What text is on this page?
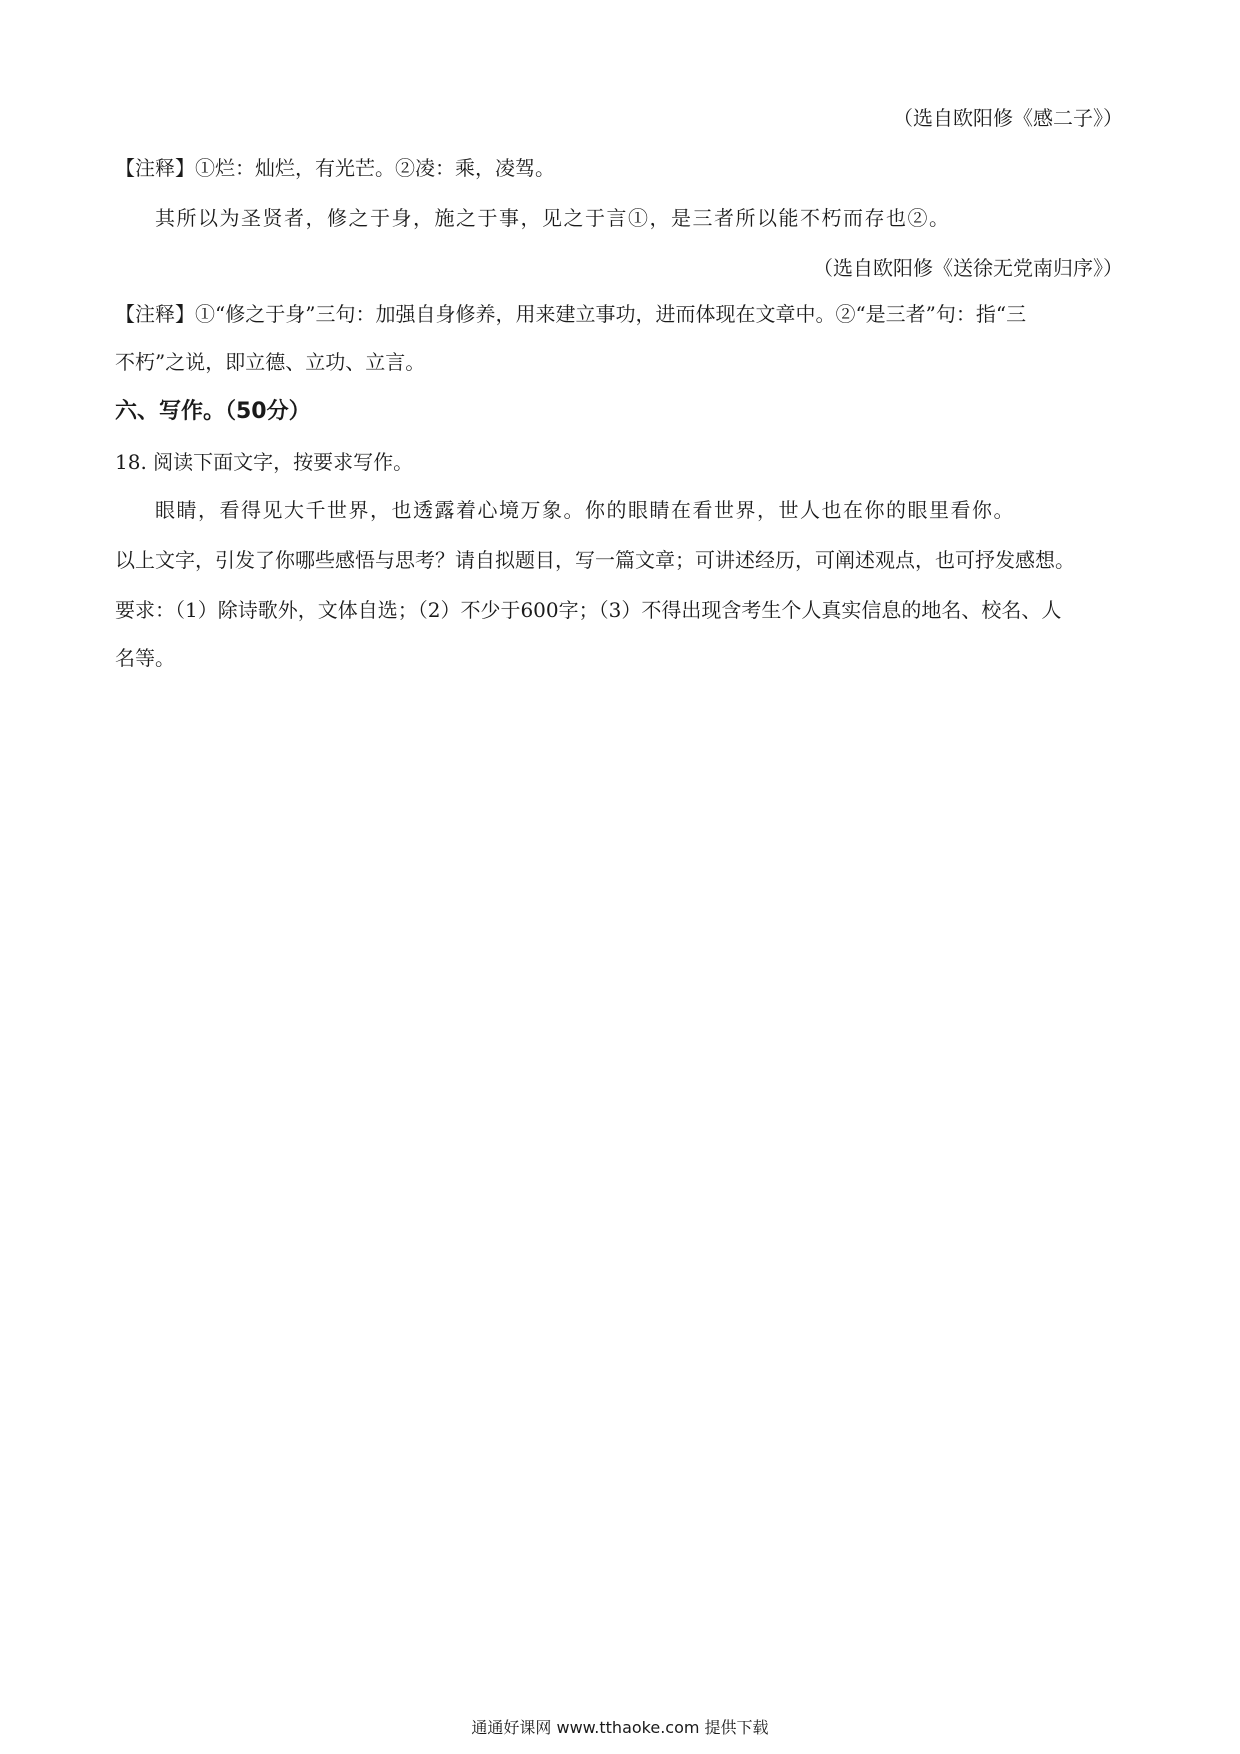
（选自欧阳修《感二子》）
【注释】①烂：灿烂，有光芒。②凌：乘，凌驾。
其所以为圣贤者，修之于身，施之于事，见之于言①，是三者所以能不朽而存也②。
（选自欧阳修《送徐无党南归序》）
【注释】①“修之于身”三句：加强自身修养，用来建立事功，进而体现在文章中。②“是三者”句：指“三
不朽”之说，即立德、立功、立言。
六、写作。（50分）
18. 阅读下面文字，按要求写作。
眼睛，看得见大千世界，也透露着心境万象。你的眼睛在看世界，世人也在你的眼里看你。
以上文字，引发了你哪些感悟与思考？请自拟题目，写一篇文章；可讲述经历，可阐述观点，也可抒发感想。
要求：（1）除诗歌外，文体自选；（2）不少于600字；（3）不得出现含考生个人真实信息的地名、校名、人
名等。
通通好课网 www.tthaoke.com 提供下载
